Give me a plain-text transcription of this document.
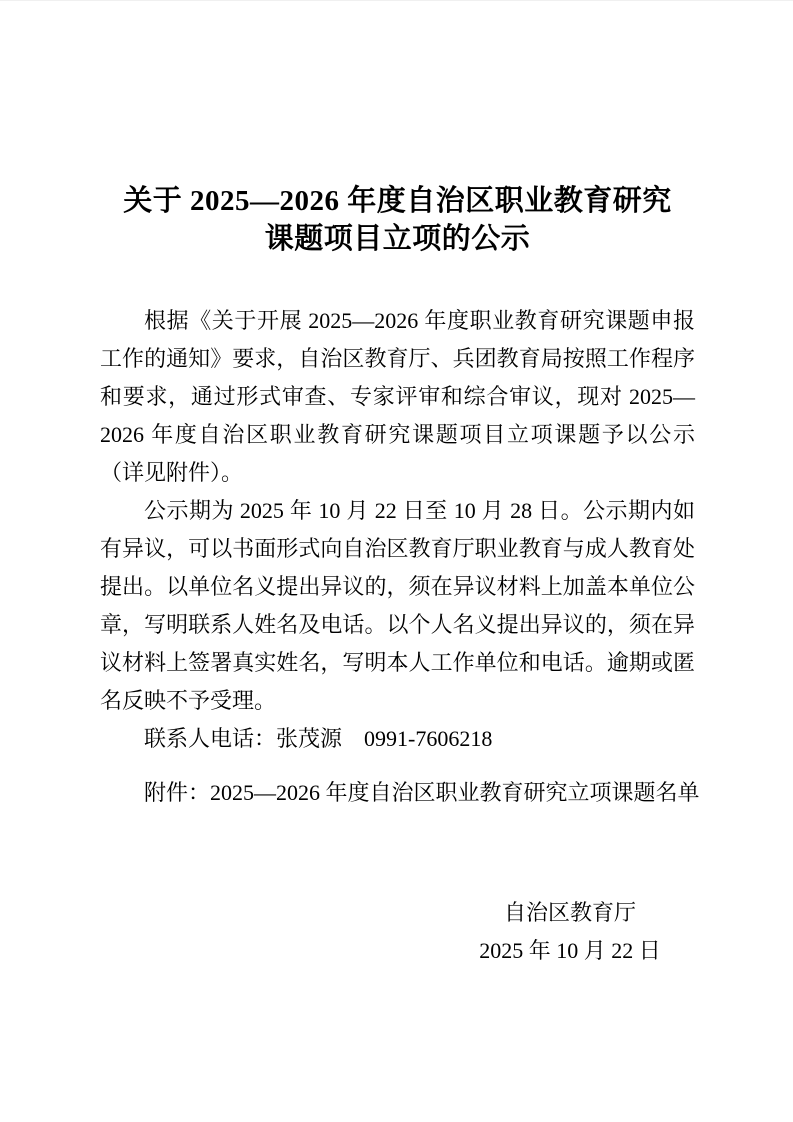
关于 2025—2026 年度自治区职业教育研究
课题项目立项的公示

根据《关于开展 2025—2026 年度职业教育研究课题申报工作的通知》要求，自治区教育厅、兵团教育局按照工作程序和要求，通过形式审查、专家评审和综合审议，现对 2025—2026 年度自治区职业教育研究课题项目立项课题予以公示（详见附件）。

公示期为 2025 年 10 月 22 日至 10 月 28 日。公示期内如有异议，可以书面形式向自治区教育厅职业教育与成人教育处提出。以单位名义提出异议的，须在异议材料上加盖本单位公章，写明联系人姓名及电话。以个人名义提出异议的，须在异议材料上签署真实姓名，写明本人工作单位和电话。逾期或匿名反映不予受理。

联系人电话：张茂源　0991-7606218

附件：2025—2026 年度自治区职业教育研究立项课题名单

自治区教育厅
2025 年 10 月 22 日
